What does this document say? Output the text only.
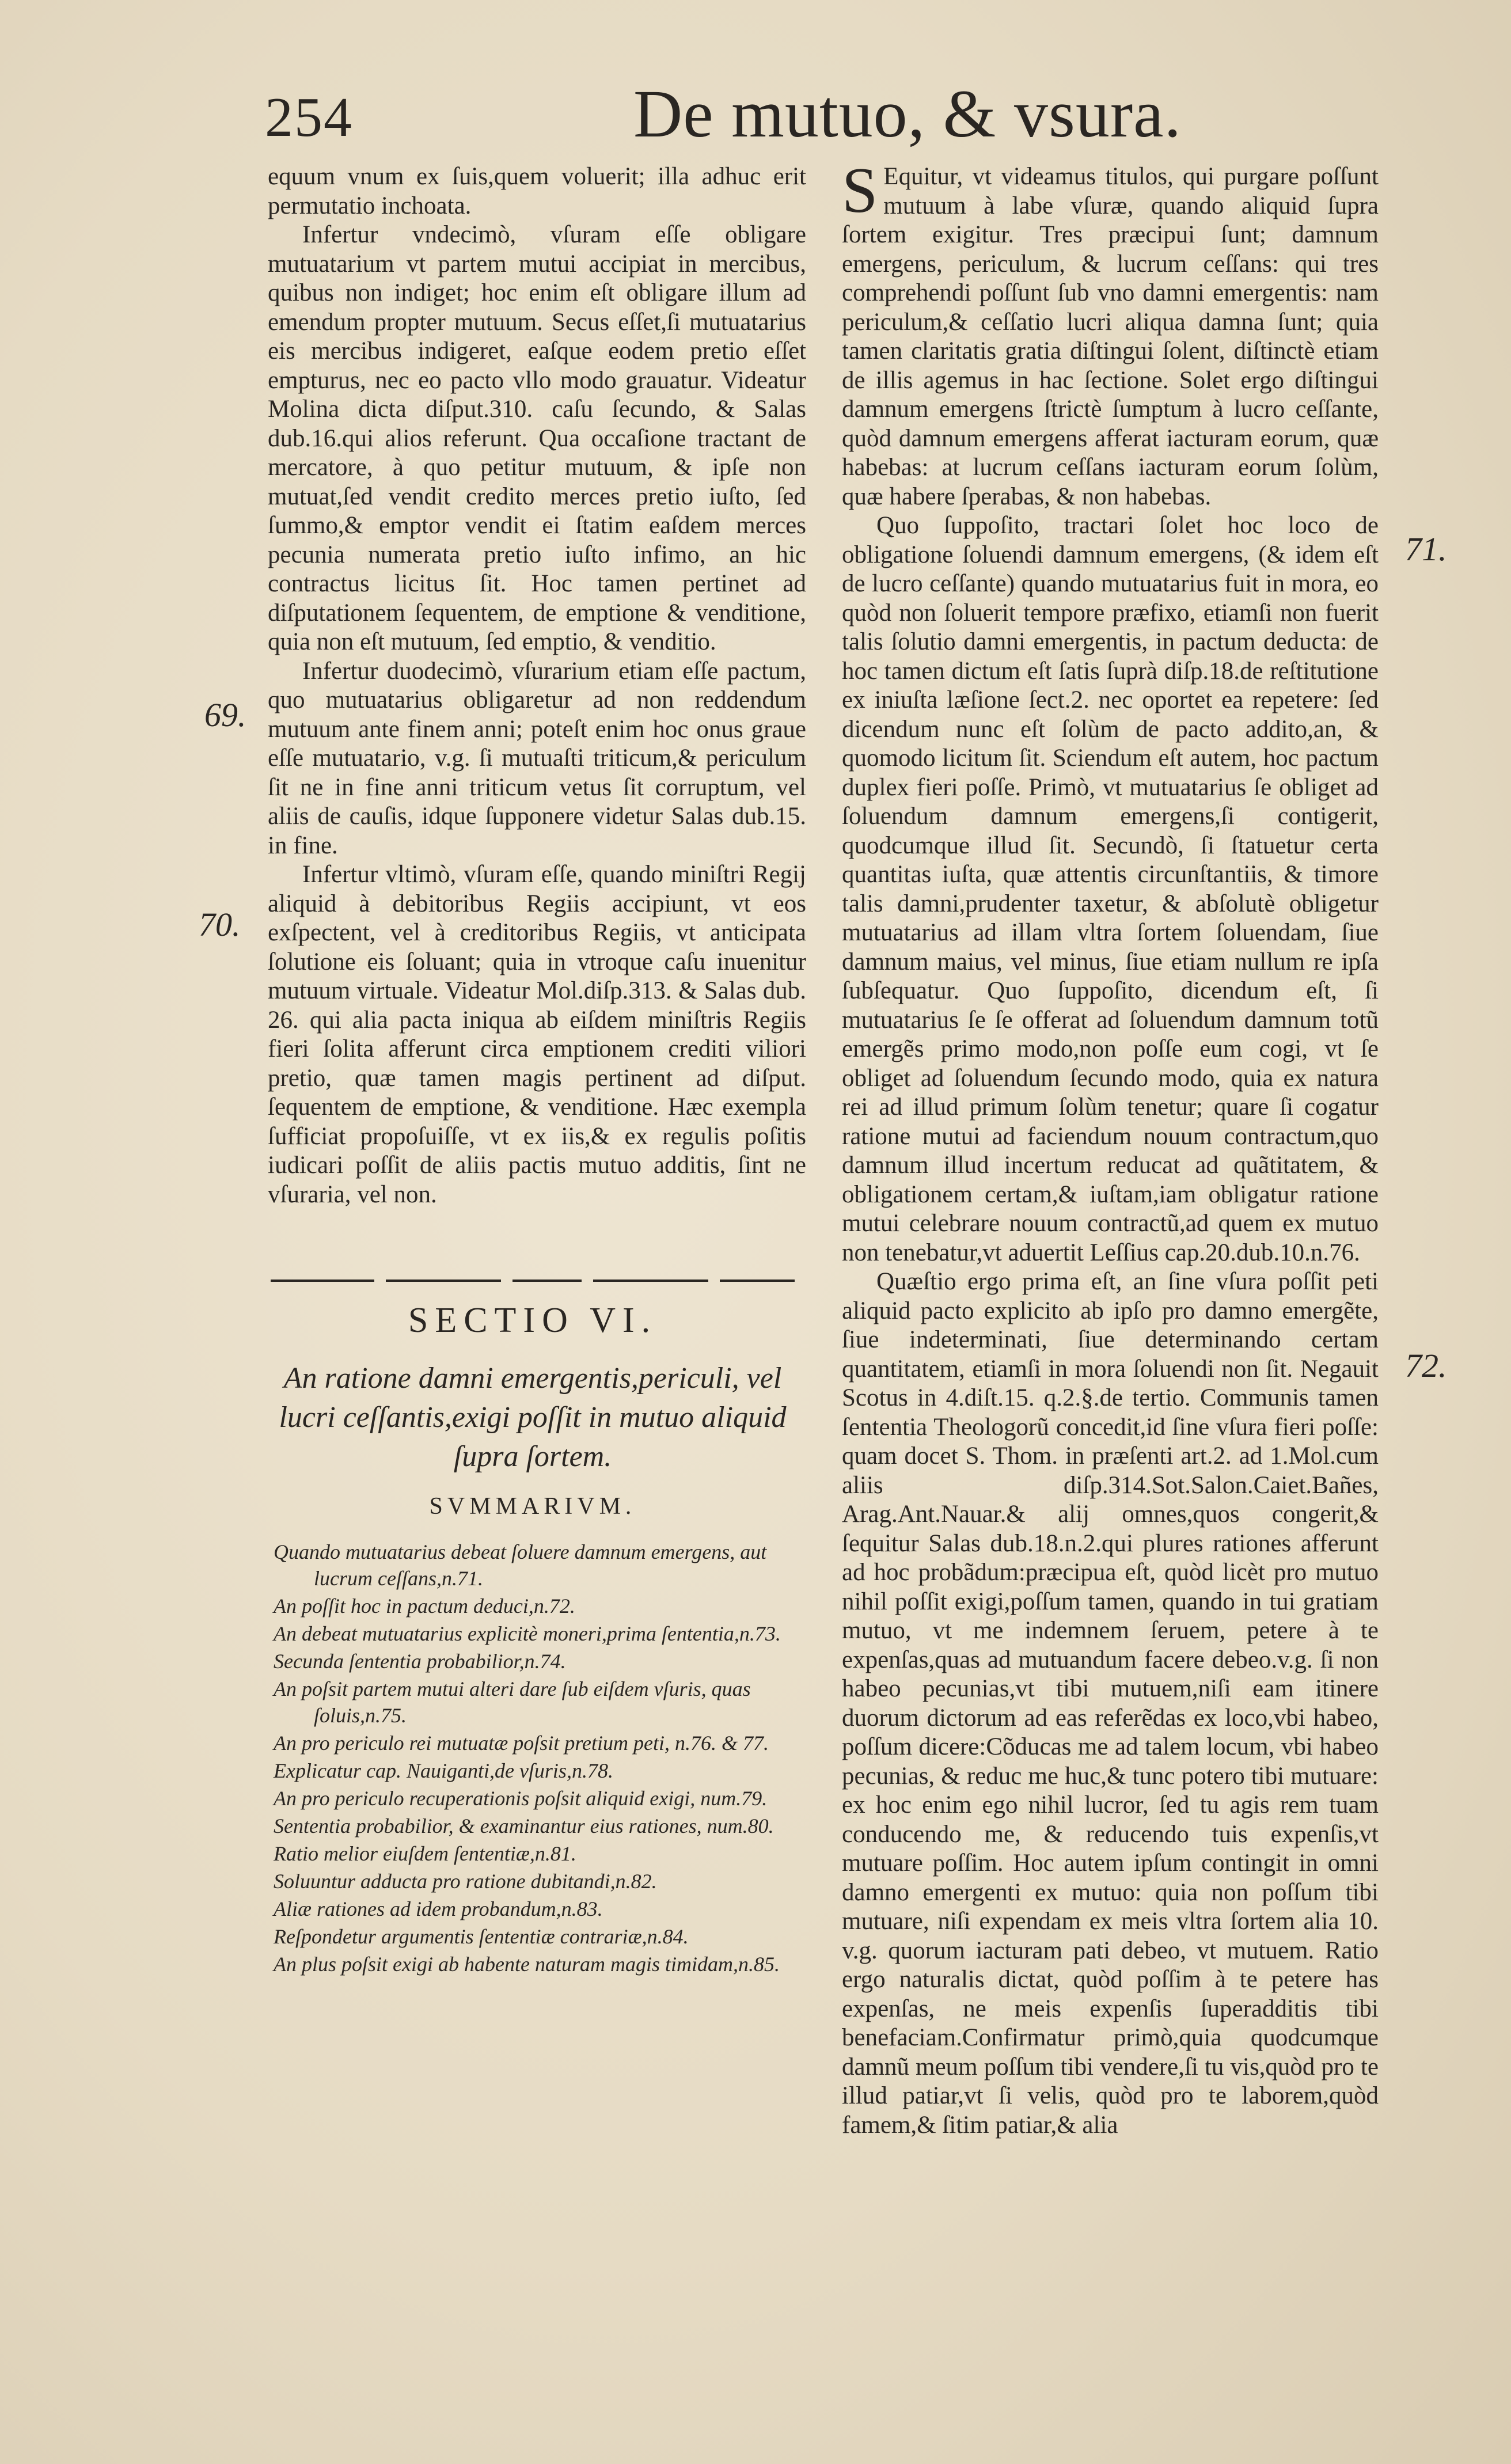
254	De mutuo, & vsura.

equum vnum ex ſuis,quem voluerit; illa adhuc erit permutatio inchoata.

Infertur vndecimò, vſuram eſſe obligare mutuatarium vt partem mutui accipiat in mercibus, quibus non indiget; hoc enim eſt obligare illum ad emendum propter mutuum. Secus eſſet,ſi mutuatarius eis mercibus indigeret, eaſque eodem pretio eſſet empturus, nec eo pacto vllo modo grauatur. Videatur Molina dicta diſput.310. caſu ſecundo, & Salas dub.16.qui alios referunt. Qua occaſione tractant de mercatore, à quo petitur mutuum, & ipſe non mutuat,ſed vendit credito merces pretio iuſto, ſed ſummo,& emptor vendit ei ſtatim eaſdem merces pecunia numerata pretio iuſto infimo, an hic contractus licitus ſit. Hoc tamen pertinet ad diſputationem ſequentem, de emptione & venditione, quia non eſt mutuum, ſed emptio, & venditio.

Infertur duodecimò, vſurarium etiam eſſe pactum, quo mutuatarius obligaretur ad non reddendum mutuum ante finem anni; poteſt enim hoc onus graue eſſe mutuatario, v.g. ſi mutuaſti triticum,& periculum ſit ne in fine anni triticum vetus ſit corruptum, vel aliis de cauſis, idque ſupponere videtur Salas dub.15. in fine.

Infertur vltimò, vſuram eſſe, quando miniſtri Regij aliquid à debitoribus Regiis accipiunt, vt eos exſpectent, vel à creditoribus Regiis, vt anticipata ſolutione eis ſoluant; quia in vtroque caſu inuenitur mutuum virtuale. Videatur Mol.diſp.313. & Salas dub. 26. qui alia pacta iniqua ab eiſdem miniſtris Regiis fieri ſolita afferunt circa emptionem crediti viliori pretio, quæ tamen magis pertinent ad diſput. ſequentem de emptione, & venditione. Hæc exempla ſufficiat propoſuiſſe, vt ex iis,& ex regulis poſitis iudicari poſſit de aliis pactis mutuo additis, ſint ne vſuraria, vel non.

69.
70.
71.
72.
SECTIO VI.
An ratione damni emergentis,periculi, vel lucri ceſſantis,exigi poſſit in mutuo aliquid ſupra ſortem.
SVMMARIVM.
Quando mutuatarius debeat ſoluere damnum emergens, aut lucrum ceſſans,n.71.
An poſſit hoc in pactum deduci,n.72.
An debeat mutuatarius explicitè moneri,prima ſententia,n.73.
Secunda ſententia probabilior,n.74.
An poſsit partem mutui alteri dare ſub eiſdem vſuris, quas ſoluis,n.75.
An pro periculo rei mutuatæ poſsit pretium peti, n.76. & 77.
Explicatur cap. Nauiganti,de vſuris,n.78.
An pro periculo recuperationis poſsit aliquid exigi, num.79.
Sententia probabilior, & examinantur eius rationes, num.80.
Ratio melior eiuſdem ſententiæ,n.81.
Soluuntur adducta pro ratione dubitandi,n.82.
Aliæ rationes ad idem probandum,n.83.
Reſpondetur argumentis ſententiæ contrariæ,n.84.
An plus poſsit exigi ab habente naturam magis timidam,n.85.

S Equitur, vt videamus titulos, qui purgare poſſunt mutuum à labe vſuræ, quando aliquid ſupra ſortem exigitur. Tres præcipui ſunt; damnum emergens, periculum, & lucrum ceſſans: qui tres comprehendi poſſunt ſub vno damni emergentis: nam periculum,& ceſſatio lucri aliqua damna ſunt; quia tamen claritatis gratia diſtingui ſolent, diſtinctè etiam de illis agemus in hac ſectione. Solet ergo diſtingui damnum emergens ſtrictè ſumptum à lucro ceſſante, quòd damnum emergens afferat iacturam eorum, quæ habebas: at lucrum ceſſans iacturam eorum ſolùm, quæ habere ſperabas, & non habebas.

Quo ſuppoſito, tractari ſolet hoc loco de obligatione ſoluendi damnum emergens, (& idem eſt de lucro ceſſante) quando mutuatarius fuit in mora, eo quòd non ſoluerit tempore præfixo, etiamſi non fuerit talis ſolutio damni emergentis, in pactum deducta: de hoc tamen dictum eſt ſatis ſuprà diſp.18.de reſtitutione ex iniuſta læſione ſect.2. nec oportet ea repetere: ſed dicendum nunc eſt ſolùm de pacto addito,an, & quomodo licitum ſit. Sciendum eſt autem, hoc pactum duplex fieri poſſe. Primò, vt mutuatarius ſe obliget ad ſoluendum damnum emergens,ſi contigerit, quodcumque illud ſit. Secundò, ſi ſtatuetur certa quantitas iuſta, quæ attentis circunſtantiis, & timore talis damni,prudenter taxetur, & abſolutè obligetur mutuatarius ad illam vltra ſortem ſoluendam, ſiue damnum maius, vel minus, ſiue etiam nullum re ipſa ſubſequatur. Quo ſuppoſito, dicendum eſt, ſi mutuatarius ſe ſe offerat ad ſoluendum damnum totũ emergẽs primo modo,non poſſe eum cogi, vt ſe obliget ad ſoluendum ſecundo modo, quia ex natura rei ad illud primum ſolùm tenetur; quare ſi cogatur ratione mutui ad faciendum nouum contractum,quo damnum illud incertum reducat ad quãtitatem, & obligationem certam,& iuſtam,iam obligatur ratione mutui celebrare nouum contractũ,ad quem ex mutuo non tenebatur,vt aduertit Leſſius cap.20.dub.10.n.76.

Quæſtio ergo prima eſt, an ſine vſura poſſit peti aliquid pacto explicito ab ipſo pro damno emergẽte, ſiue indeterminati, ſiue determinando certam quantitatem, etiamſi in mora ſoluendi non ſit. Negauit Scotus in 4.diſt.15. q.2.§.de tertio. Communis tamen ſententia Theologorũ concedit,id ſine vſura fieri poſſe: quam docet S. Thom. in præſenti art.2. ad 1.Mol.cum aliis diſp.314.Sot.Salon.Caiet.Bañes, Arag.Ant.Nauar.& alij omnes,quos congerit,& ſequitur Salas dub.18.n.2.qui plures rationes afferunt ad hoc probãdum:præcipua eſt, quòd licèt pro mutuo nihil poſſit exigi,poſſum tamen, quando in tui gratiam mutuo, vt me indemnem ſeruem, petere à te expenſas,quas ad mutuandum facere debeo.v.g. ſi non habeo pecunias,vt tibi mutuem,niſi eam itinere duorum dictorum ad eas referẽdas ex loco,vbi habeo, poſſum dicere:Cõducas me ad talem locum, vbi habeo pecunias, & reduc me huc,& tunc potero tibi mutuare: ex hoc enim ego nihil lucror, ſed tu agis rem tuam conducendo me, & reducendo tuis expenſis,vt mutuare poſſim. Hoc autem ipſum contingit in omni damno emergenti ex mutuo: quia non poſſum tibi mutuare, niſi expendam ex meis vltra ſortem alia 10. v.g. quorum iacturam pati debeo, vt mutuem. Ratio ergo naturalis dictat, quòd poſſim à te petere has expenſas, ne meis expenſis ſuperadditis tibi benefaciam.Confirmatur primò,quia quodcumque damnũ meum poſſum tibi vendere,ſi tu vis,quòd pro te illud patiar,vt ſi velis, quòd pro te laborem,quòd famem,& ſitim patiar,& alia
